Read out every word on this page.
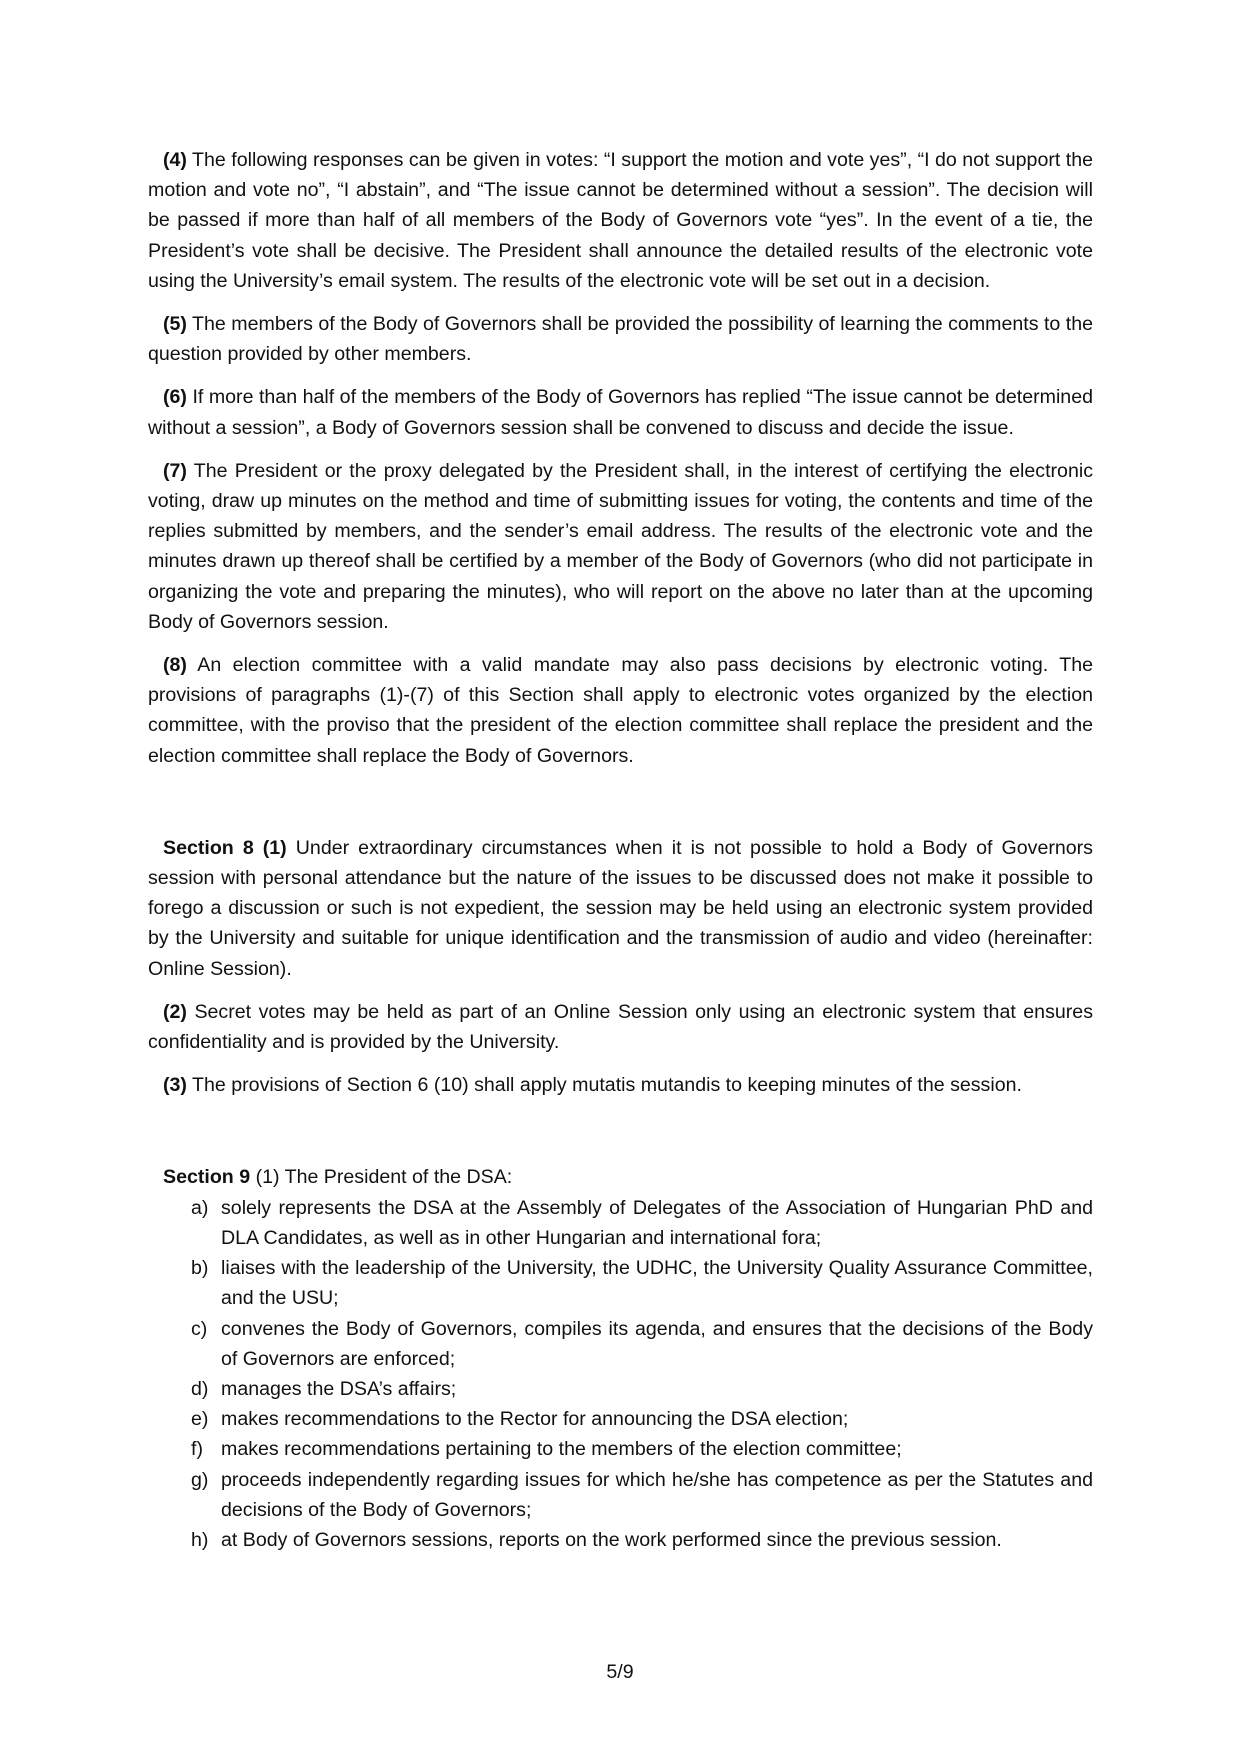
(4) The following responses can be given in votes: “I support the motion and vote yes”, “I do not support the motion and vote no”, “I abstain”, and “The issue cannot be determined without a session”. The decision will be passed if more than half of all members of the Body of Governors vote “yes”. In the event of a tie, the President’s vote shall be decisive. The President shall announce the detailed results of the electronic vote using the University’s email system. The results of the electronic vote will be set out in a decision.

(5) The members of the Body of Governors shall be provided the possibility of learning the comments to the question provided by other members.

(6) If more than half of the members of the Body of Governors has replied “The issue cannot be determined without a session”, a Body of Governors session shall be convened to discuss and decide the issue.

(7) The President or the proxy delegated by the President shall, in the interest of certifying the electronic voting, draw up minutes on the method and time of submitting issues for voting, the contents and time of the replies submitted by members, and the sender’s email address. The results of the electronic vote and the minutes drawn up thereof shall be certified by a member of the Body of Governors (who did not participate in organizing the vote and preparing the minutes), who will report on the above no later than at the upcoming Body of Governors session.

(8) An election committee with a valid mandate may also pass decisions by electronic voting. The provisions of paragraphs (1)-(7) of this Section shall apply to electronic votes organized by the election committee, with the proviso that the president of the election committee shall replace the president and the election committee shall replace the Body of Governors.

Section 8 (1) Under extraordinary circumstances when it is not possible to hold a Body of Governors session with personal attendance but the nature of the issues to be discussed does not make it possible to forego a discussion or such is not expedient, the session may be held using an electronic system provided by the University and suitable for unique identification and the transmission of audio and video (hereinafter: Online Session).

(2) Secret votes may be held as part of an Online Session only using an electronic system that ensures confidentiality and is provided by the University.

(3) The provisions of Section 6 (10) shall apply mutatis mutandis to keeping minutes of the session.

Section 9 (1) The President of the DSA:

a) solely represents the DSA at the Assembly of Delegates of the Association of Hungarian PhD and DLA Candidates, as well as in other Hungarian and international fora;
b) liaises with the leadership of the University, the UDHC, the University Quality Assurance Committee, and the USU;
c) convenes the Body of Governors, compiles its agenda, and ensures that the decisions of the Body of Governors are enforced;
d) manages the DSA’s affairs;
e) makes recommendations to the Rector for announcing the DSA election;
f) makes recommendations pertaining to the members of the election committee;
g) proceeds independently regarding issues for which he/she has competence as per the Statutes and decisions of the Body of Governors;
h) at Body of Governors sessions, reports on the work performed since the previous session.
5/9
